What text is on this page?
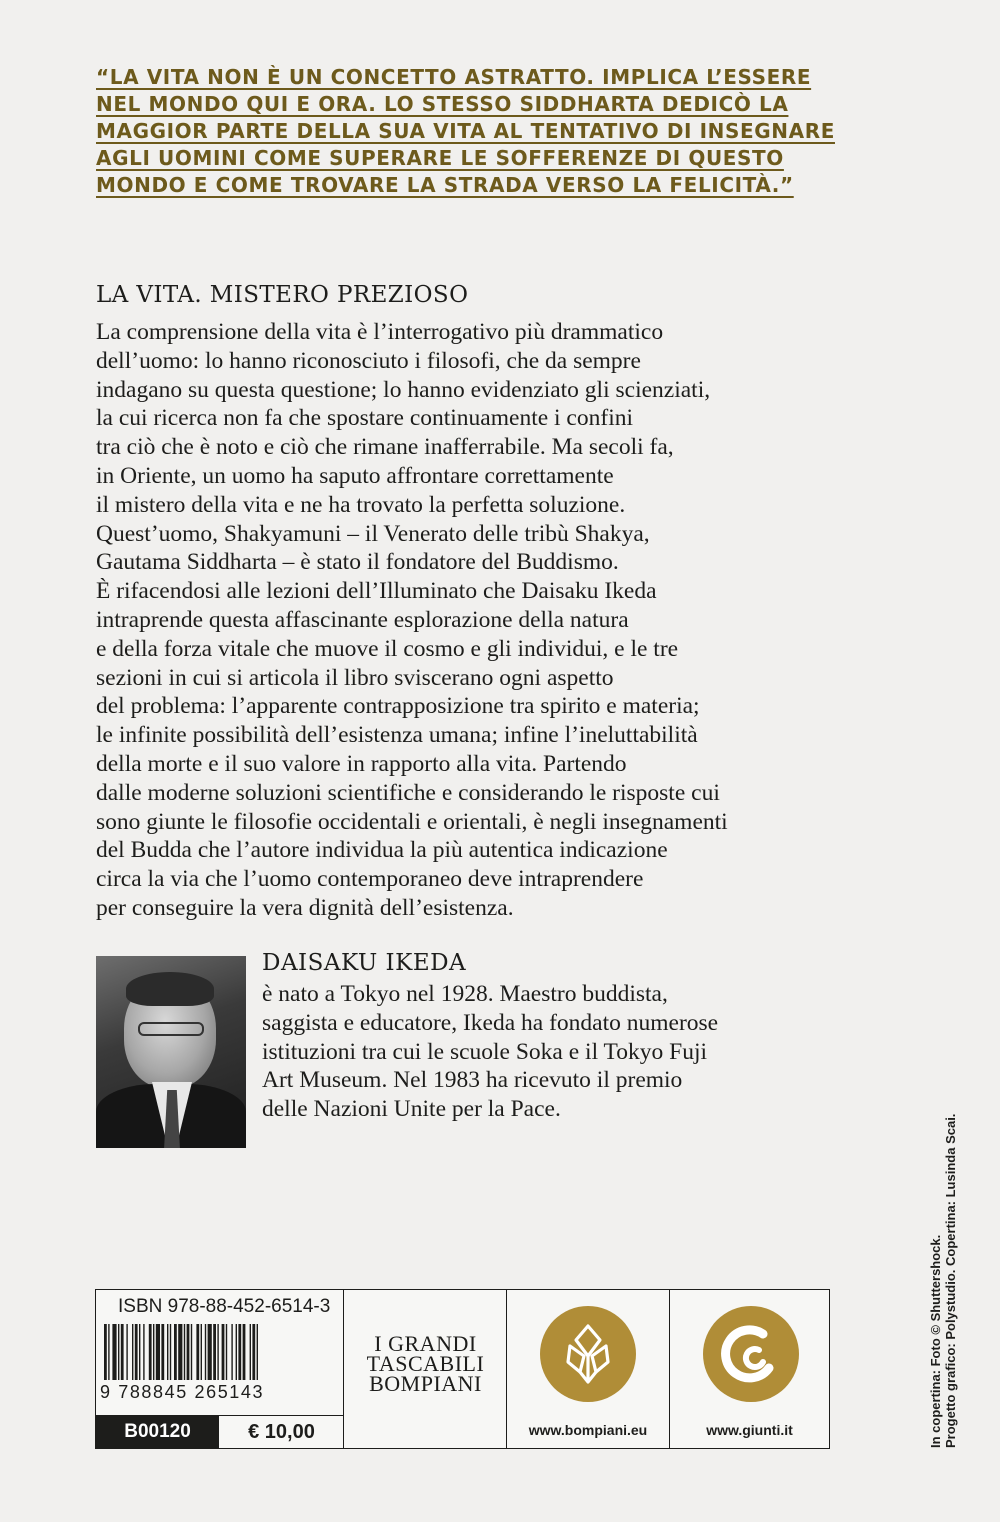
“LA VITA NON È UN CONCETTO ASTRATTO. IMPLICA L’ESSERE
NEL MONDO QUI E ORA. LO STESSO SIDDHARTA DEDICÒ LA
MAGGIOR PARTE DELLA SUA VITA AL TENTATIVO DI INSEGNARE
AGLI UOMINI COME SUPERARE LE SOFFERENZE DI QUESTO
MONDO E COME TROVARE LA STRADA VERSO LA FELICITÀ.”
LA VITA. MISTERO PREZIOSO
La comprensione della vita è l’interrogativo più drammatico
dell’uomo: lo hanno riconosciuto i filosofi, che da sempre
indagano su questa questione; lo hanno evidenziato gli scienziati,
la cui ricerca non fa che spostare continuamente i confini
tra ciò che è noto e ciò che rimane inafferrabile. Ma secoli fa,
in Oriente, un uomo ha saputo affrontare correttamente
il mistero della vita e ne ha trovato la perfetta soluzione.
Quest’uomo, Shakyamuni – il Venerato delle tribù Shakya,
Gautama Siddharta – è stato il fondatore del Buddismo.
È rifacendosi alle lezioni dell’Illuminato che Daisaku Ikeda
intraprende questa affascinante esplorazione della natura
e della forza vitale che muove il cosmo e gli individui, e le tre
sezioni in cui si articola il libro sviscerano ogni aspetto
del problema: l’apparente contrapposizione tra spirito e materia;
le infinite possibilità dell’esistenza umana; infine l’ineluttabilità
della morte e il suo valore in rapporto alla vita. Partendo
dalle moderne soluzioni scientifiche e considerando le risposte cui
sono giunte le filosofie occidentali e orientali, è negli insegnamenti
del Budda che l’autore individua la più autentica indicazione
circa la via che l’uomo contemporaneo deve intraprendere
per conseguire la vera dignità dell’esistenza.
DAISAKU IKEDA
è nato a Tokyo nel 1928. Maestro buddista,
saggista e educatore, Ikeda ha fondato numerose
istituzioni tra cui le scuole Soka e il Tokyo Fuji
Art Museum. Nel 1983 ha ricevuto il premio
delle Nazioni Unite per la Pace.
In copertina: Foto © Shuttershock. Progetto grafico: Polystudio. Copertina: Lusinda Scai.
ISBN 978-88-452-6514-3
9 788845 265143
B00120	€ 10,00
I GRANDI
TASCABILI
BOMPIANI
www.bompiani.eu	www.giunti.it
